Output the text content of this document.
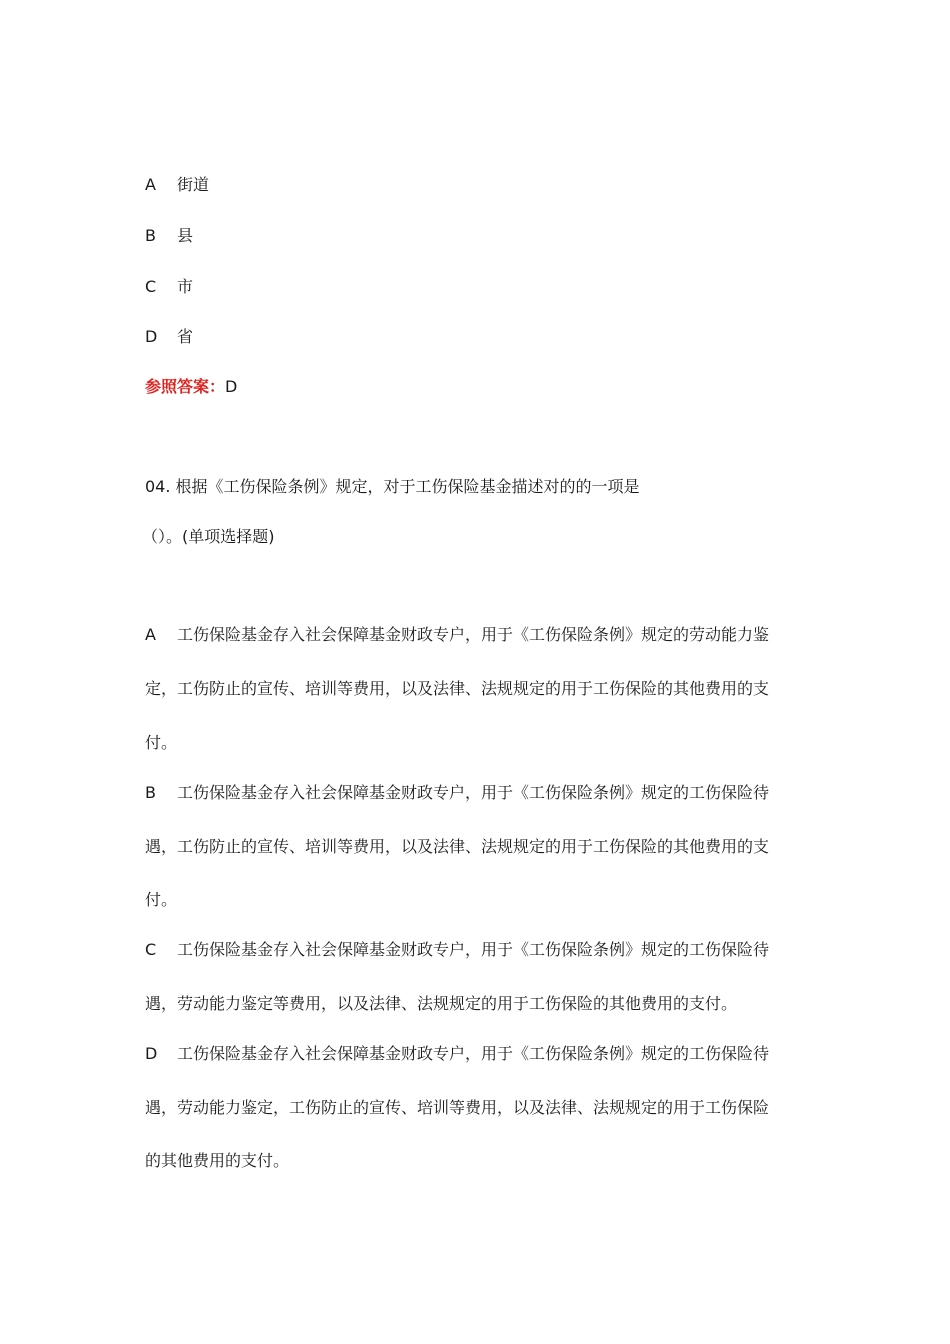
A 街道
B 县
C 市
D 省
参照答案：D
04. 根据《工伤保险条例》规定，对于工伤保险基金描述对的的一项是
（）。(单项选择题)
A 工伤保险基金存入社会保障基金财政专户，用于《工伤保险条例》规定的劳动能力鉴
定，工伤防止的宣传、培训等费用，以及法律、法规规定的用于工伤保险的其他费用的支
付。
B 工伤保险基金存入社会保障基金财政专户，用于《工伤保险条例》规定的工伤保险待
遇，工伤防止的宣传、培训等费用，以及法律、法规规定的用于工伤保险的其他费用的支
付。
C 工伤保险基金存入社会保障基金财政专户，用于《工伤保险条例》规定的工伤保险待
遇，劳动能力鉴定等费用，以及法律、法规规定的用于工伤保险的其他费用的支付。
D 工伤保险基金存入社会保障基金财政专户，用于《工伤保险条例》规定的工伤保险待
遇，劳动能力鉴定，工伤防止的宣传、培训等费用，以及法律、法规规定的用于工伤保险
的其他费用的支付。
